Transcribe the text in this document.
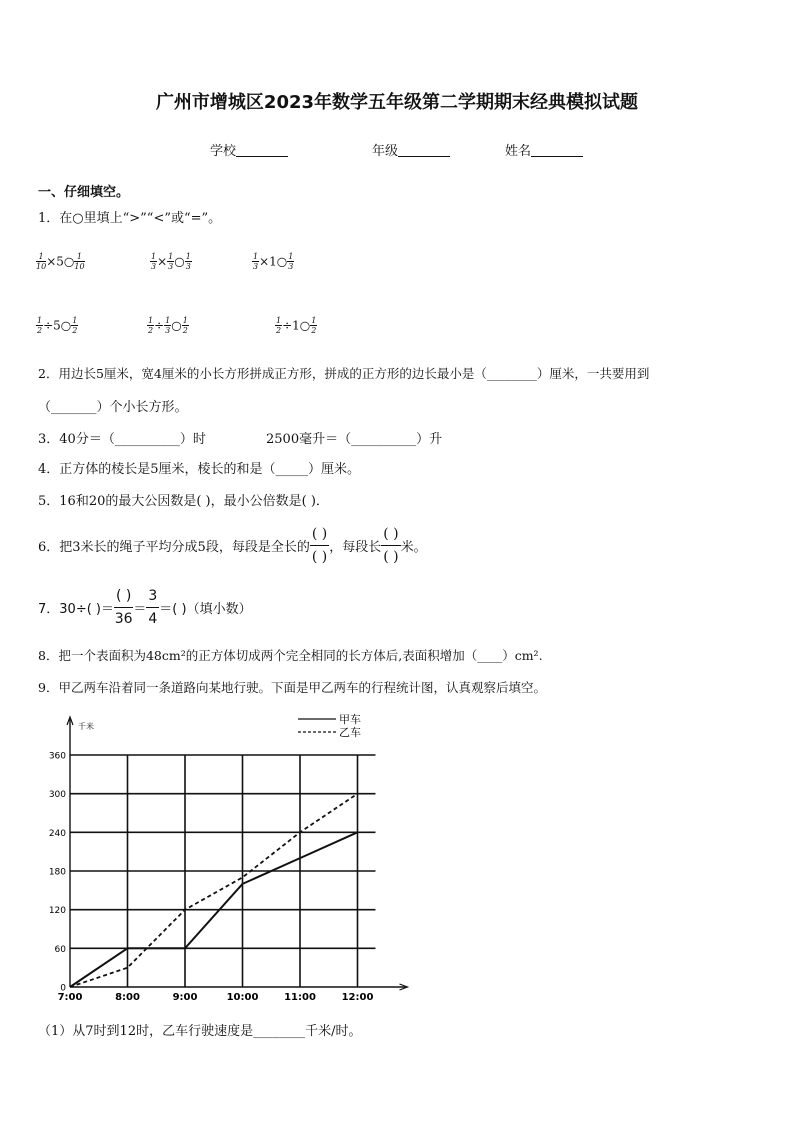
广州市增城区2023年数学五年级第二学期期末经典模拟试题
学校	年级	姓名
一、仔细填空。
1．在○里填上“>”“<”或“=”。
$\frac{1}{10}$ ×5○ $\frac{1}{10}$	$\frac{1}{3} \times \frac{1}{3}$ ○ $\frac{1}{3}$	$\frac{1}{3}$ ×1○ $\frac{1}{3}$
$\frac{1}{2}$ ÷5○ $\frac{1}{2}$	$\frac{1}{2} \div \frac{1}{3}$ ○ $\frac{1}{2}$	$\frac{1}{2}$ ÷1○ $\frac{1}{2}$
2．用边长5厘米，宽4厘米的小长方形拼成正方形，拼成的正方形的边长最小是（________）厘米，一共要用到
（_______）个小长方形。
3．40分＝（__________）时	2500毫升＝（__________）升
4．正方体的棱长是5厘米，棱长的和是（_____）厘米。
5．16和20的最大公因数是( )，最小公倍数是( )．
6．把3米长的绳子平均分成5段，每段是全长的 $\frac{( )}{( )}$ ，每段长 $\frac{( )}{( )}$ 米。
7．30÷( )＝ $\frac{( )}{36} = \frac{3}{4}$ ＝( )（填小数）
8．把一个表面积为48cm²的正方体切成两个完全相同的长方体后,表面积增加（____）cm².
9．甲乙两车沿着同一条道路向某地行驶。下面是甲乙两车的行程统计图，认真观察后填空。
千米
0
60
120
180
240
300
360
7:00	8:00	9:00	10:00	11:00	12:00
甲车
乙车
（1）从7时到12时，乙车行驶速度是________千米/时。
